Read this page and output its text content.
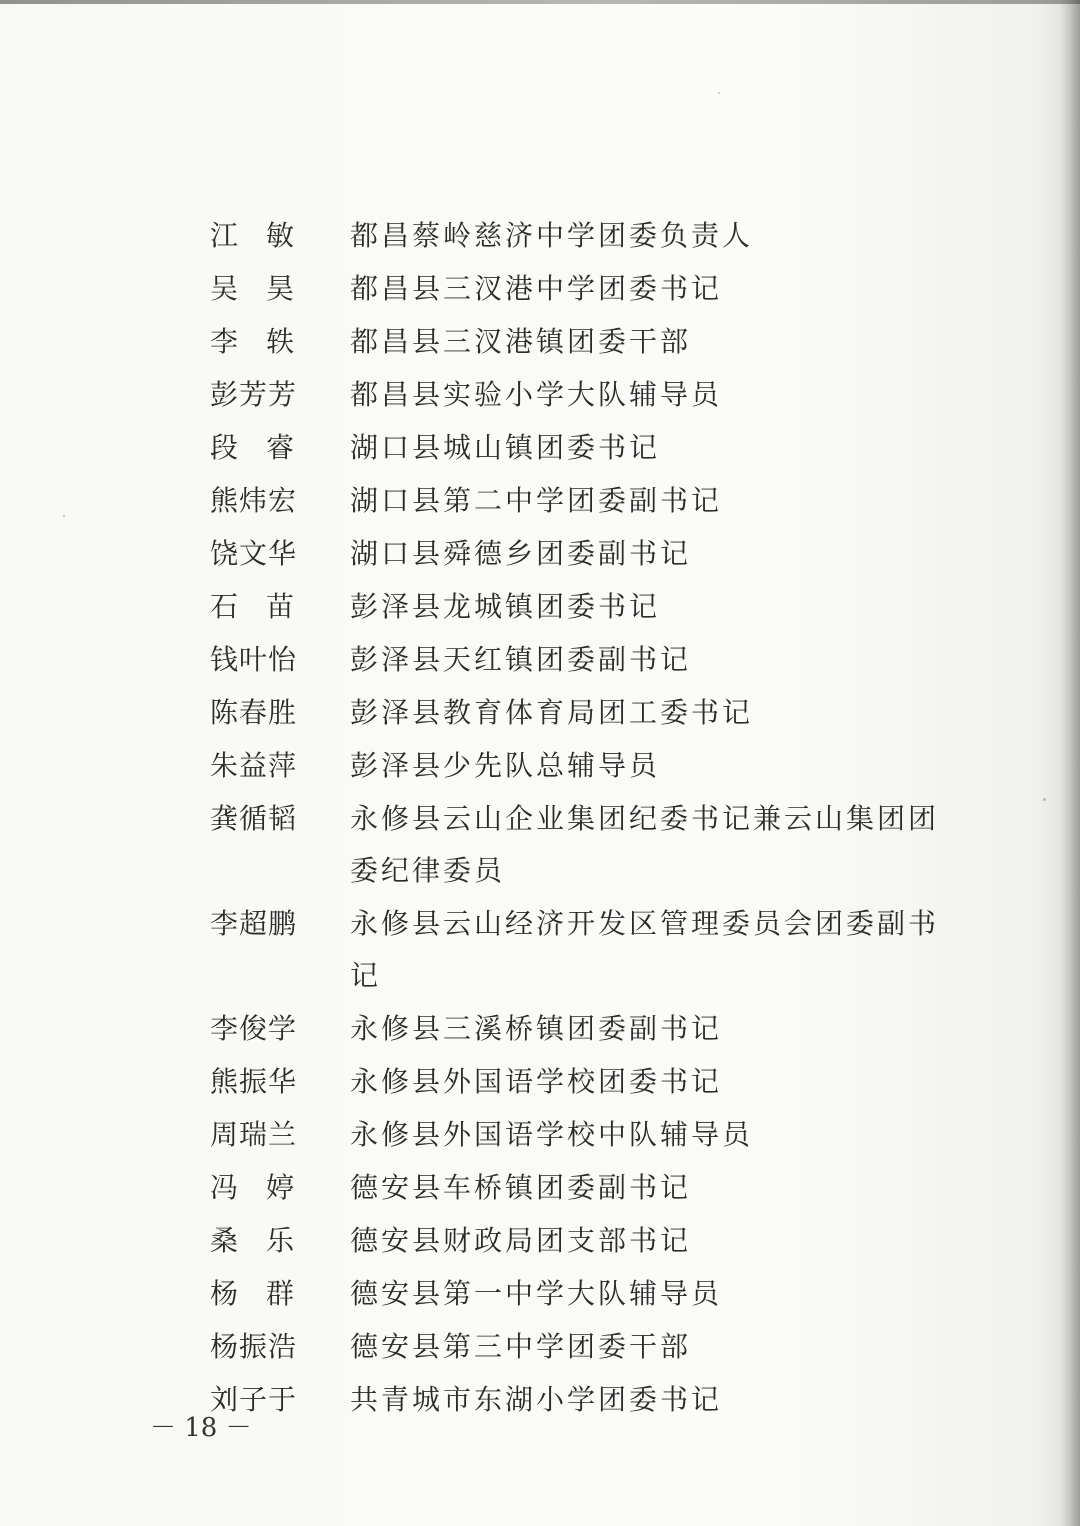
江　敏	都昌蔡岭慈济中学团委负责人
吴　昊	都昌县三汊港中学团委书记
李　轶	都昌县三汊港镇团委干部
彭芳芳	都昌县实验小学大队辅导员
段　睿	湖口县城山镇团委书记
熊炜宏	湖口县第二中学团委副书记
饶文华	湖口县舜德乡团委副书记
石　苗	彭泽县龙城镇团委书记
钱叶怡	彭泽县天红镇团委副书记
陈春胜	彭泽县教育体育局团工委书记
朱益萍	彭泽县少先队总辅导员
龚循韬	永修县云山企业集团纪委书记兼云山集团团委纪律委员
李超鹏	永修县云山经济开发区管理委员会团委副书记
李俊学	永修县三溪桥镇团委副书记
熊振华	永修县外国语学校团委书记
周瑞兰	永修县外国语学校中队辅导员
冯　婷	德安县车桥镇团委副书记
桑　乐	德安县财政局团支部书记
杨　群	德安县第一中学大队辅导员
杨振浩	德安县第三中学团委干部
刘子于	共青城市东湖小学团委书记
－ 18 －
